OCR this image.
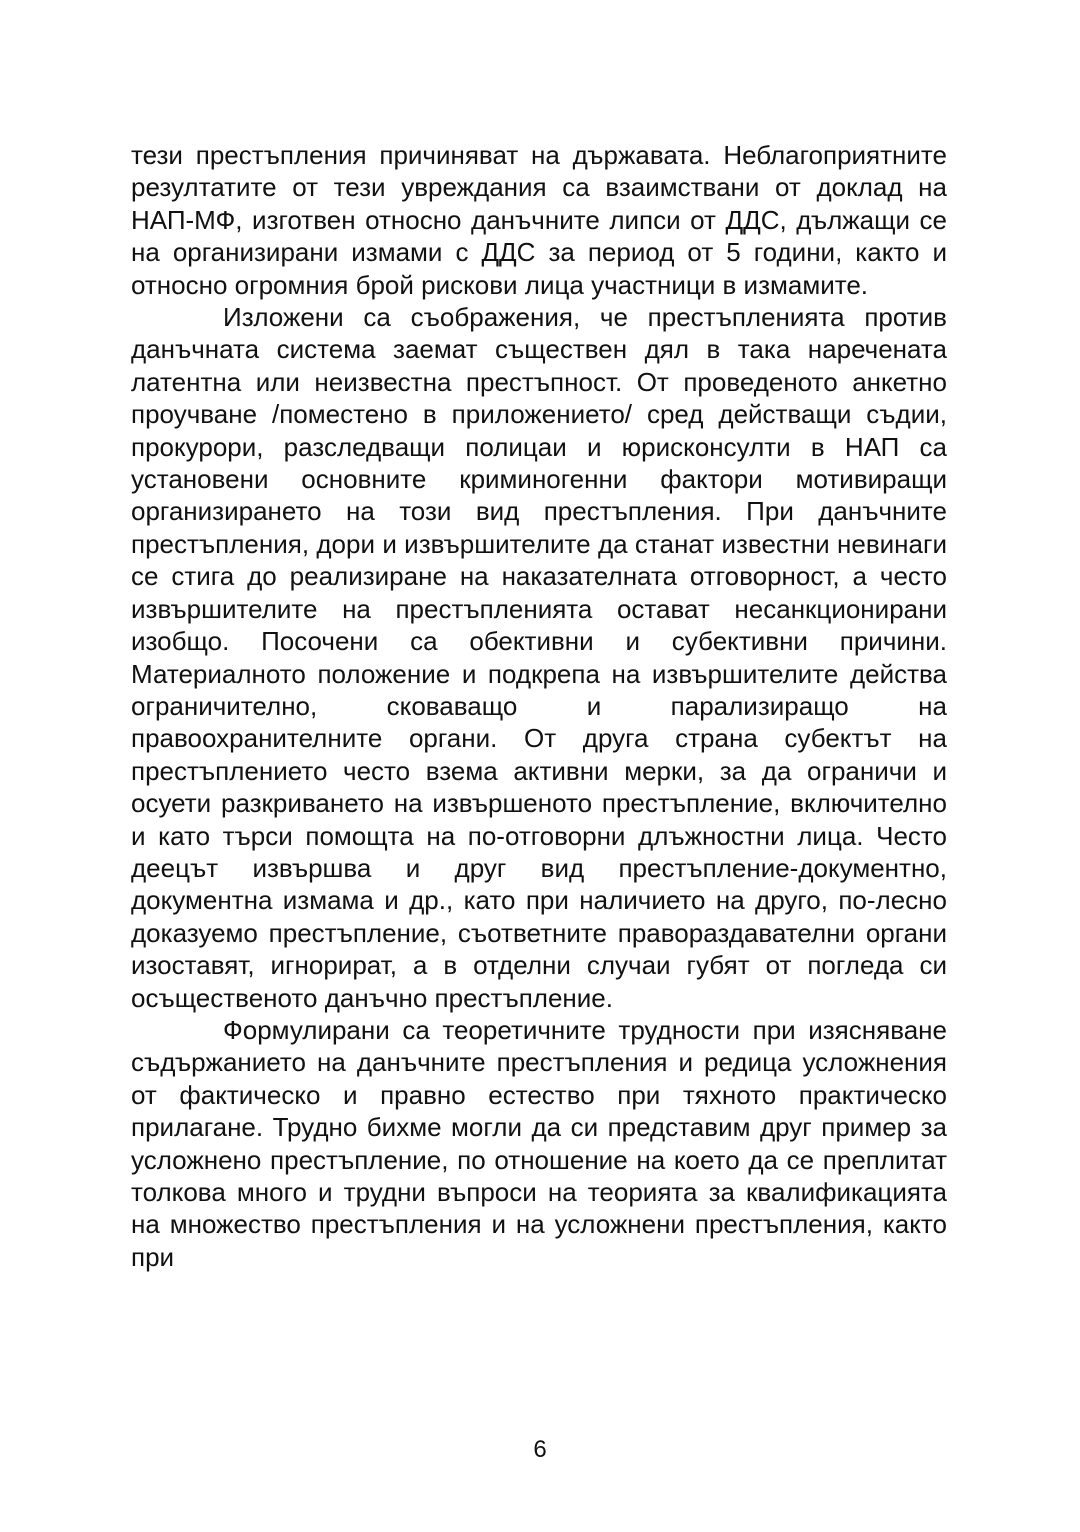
тези престъпления причиняват на държавата. Неблагоприятните резултатите от тези увреждания са взаимствани от доклад на НАП-МФ, изготвен относно данъчните липси от ДДС, дължащи се на организирани измами с ДДС за период от 5 години, както и относно огромния брой рискови лица участници в измамите.

Изложени са съображения, че престъпленията против данъчната система заемат съществен дял в така наречената латентна или неизвестна престъпност. От проведеното анкетно проучване /поместено в приложението/ сред действащи съдии, прокурори, разследващи полицаи и юрисконсулти в НАП са установени основните криминогенни фактори мотивиращи организирането на този вид престъпления. При данъчните престъпления, дори и извършителите да станат известни невинаги се стига до реализиране на наказателната отговорност, а често извършителите на престъпленията остават несанкционирани изобщо. Посочени са обективни и субективни причини. Материалното положение и подкрепа на извършителите действа ограничително, сковаващо и парализиращо на правоохранителните органи. От друга страна субектът на престъплението често взема активни мерки, за да ограничи и осуети разкриването на извършеното престъпление, включително и като търси помощта на по-отговорни длъжностни лица. Често деецът извършва и друг вид престъпление-документно, документна измама и др., като при наличието на друго, по-лесно доказуемо престъпление, съответните правораздавателни органи изоставят, игнорират, а в отделни случаи губят от погледа си осъщественото данъчно престъпление.

Формулирани са теоретичните трудности при изясняване съдържанието на данъчните престъпления и редица усложнения от фактическо и правно естество при тяхното практическо прилагане. Трудно бихме могли да си представим друг пример за усложнено престъпление, по отношение на което да се преплитат толкова много и трудни въпроси на теорията за квалификацията на множество престъпления и на усложнени престъпления, както при

6
